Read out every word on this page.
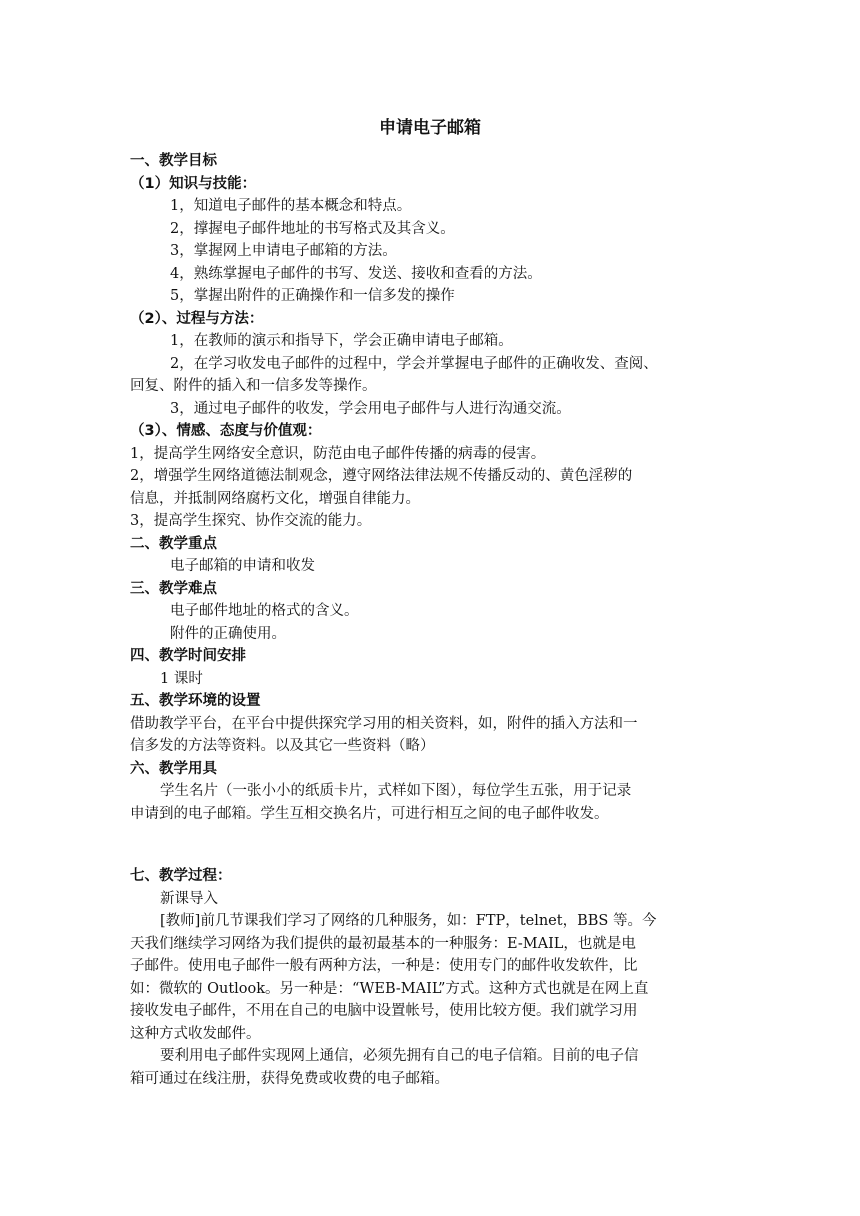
申请电子邮箱

一、教学目标

（1）知识与技能：

1，知道电子邮件的基本概念和特点。

2，撑握电子邮件地址的书写格式及其含义。

3，掌握网上申请电子邮箱的方法。

4，熟练掌握电子邮件的书写、发送、接收和查看的方法。

5，掌握出附件的正确操作和一信多发的操作

（2）、过程与方法：

1，在教师的演示和指导下，学会正确申请电子邮箱。

2，在学习收发电子邮件的过程中，学会并掌握电子邮件的正确收发、查阅、

回复、附件的插入和一信多发等操作。

3，通过电子邮件的收发，学会用电子邮件与人进行沟通交流。

（3）、情感、态度与价值观：

1，提高学生网络安全意识，防范由电子邮件传播的病毒的侵害。

2，增强学生网络道德法制观念，遵守网络法律法规不传播反动的、黄色淫秽的

信息，并抵制网络腐朽文化，增强自律能力。

3，提高学生探究、协作交流的能力。

二、教学重点

电子邮箱的申请和收发

三、教学难点

电子邮件地址的格式的含义。

附件的正确使用。

四、教学时间安排

1 课时

五、教学环境的设置

借助教学平台，在平台中提供探究学习用的相关资料，如，附件的插入方法和一

信多发的方法等资料。以及其它一些资料（略）

六、教学用具

学生名片（一张小小的纸质卡片，式样如下图），每位学生五张，用于记录

申请到的电子邮箱。学生互相交换名片，可进行相互之间的电子邮件收发。

七、教学过程：

新课导入

[教师]前几节课我们学习了网络的几种服务，如：FTP，telnet，BBS 等。今

天我们继续学习网络为我们提供的最初最基本的一种服务：E-MAIL，也就是电

子邮件。使用电子邮件一般有两种方法，一种是：使用专门的邮件收发软件，比

如：微软的 Outlook。另一种是：“WEB-MAIL”方式。这种方式也就是在网上直

接收发电子邮件，不用在自己的电脑中设置帐号，使用比较方便。我们就学习用

这种方式收发邮件。

要利用电子邮件实现网上通信，必须先拥有自己的电子信箱。目前的电子信

箱可通过在线注册，获得免费或收费的电子邮箱。
